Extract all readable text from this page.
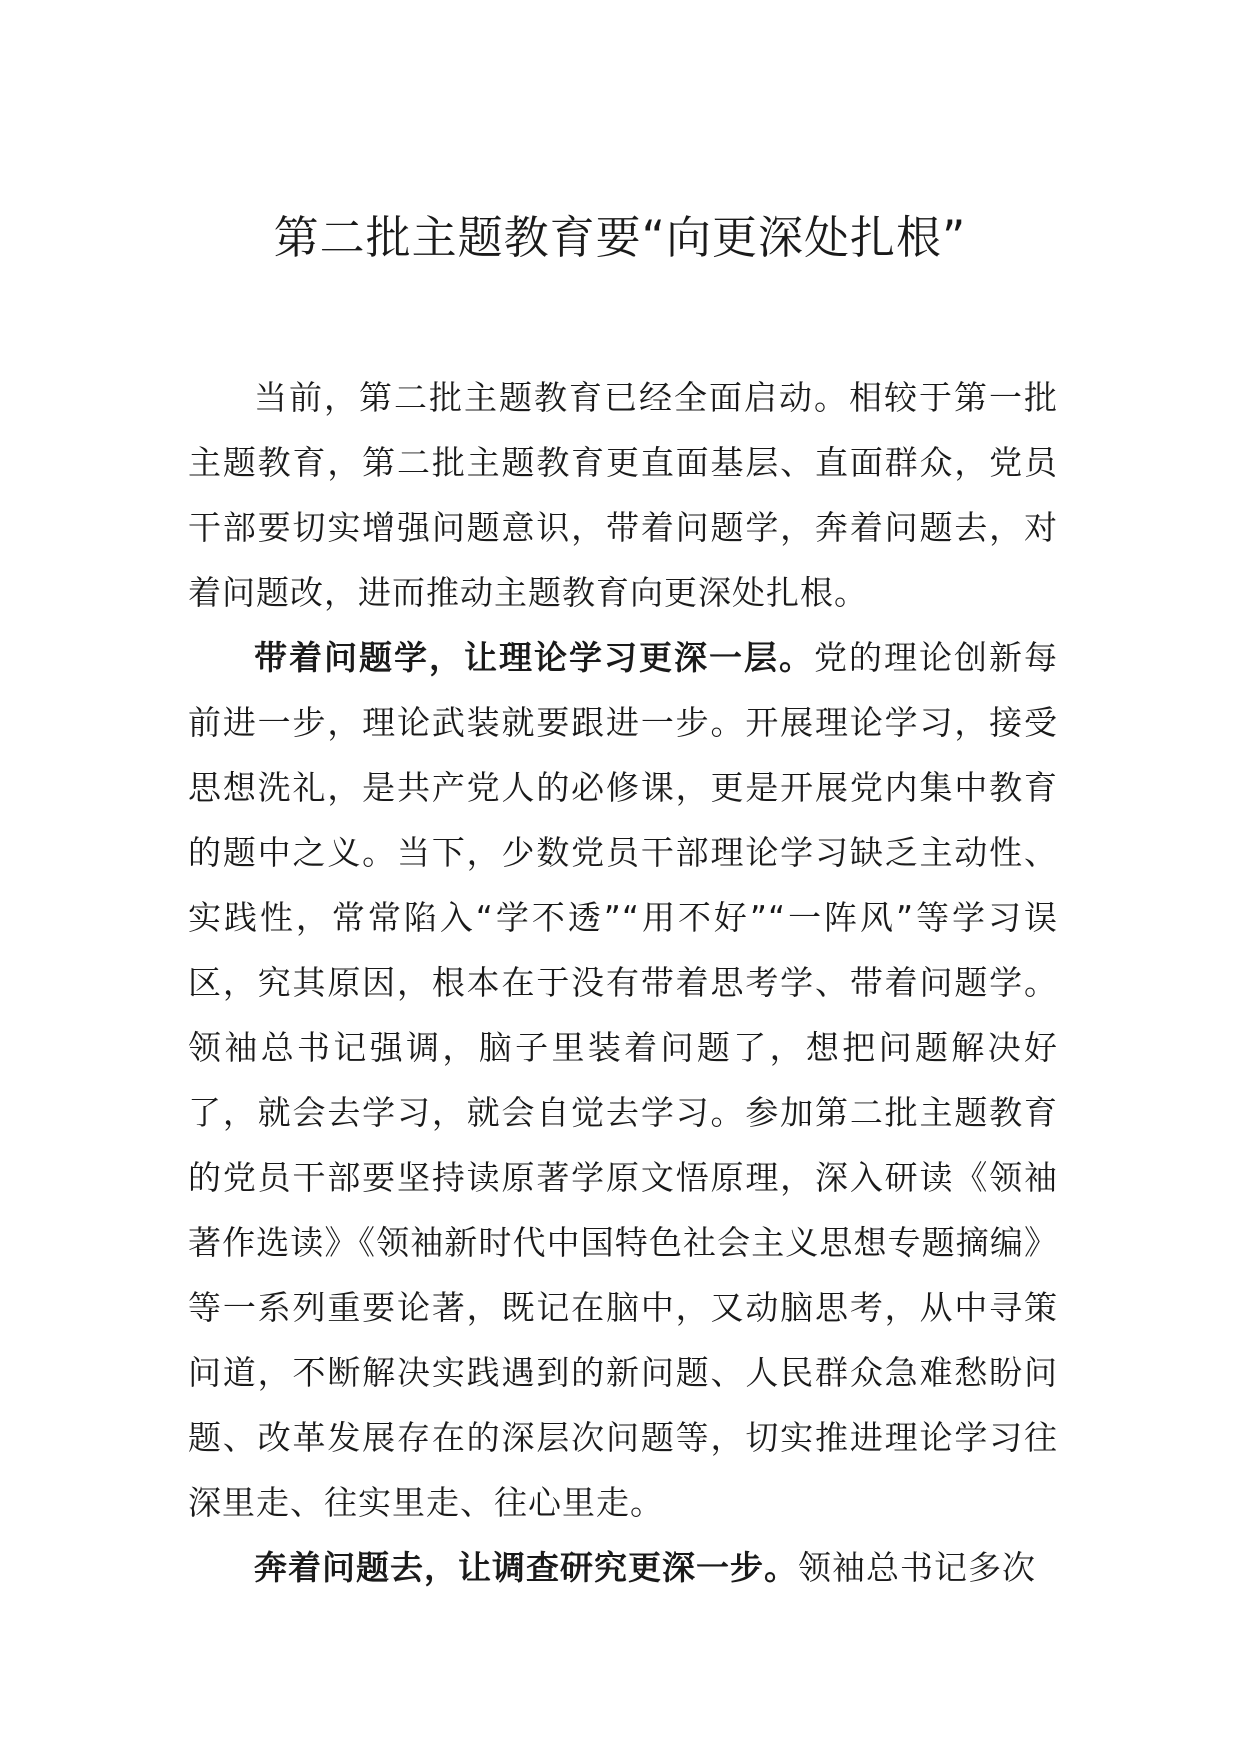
第二批主题教育要“向更深处扎根”

当前，第二批主题教育已经全面启动。相较于第一批主题教育，第二批主题教育更直面基层、直面群众，党员干部要切实增强问题意识，带着问题学，奔着问题去，对着问题改，进而推动主题教育向更深处扎根。

带着问题学，让理论学习更深一层。党的理论创新每前进一步，理论武装就要跟进一步。开展理论学习，接受思想洗礼，是共产党人的必修课，更是开展党内集中教育的题中之义。当下，少数党员干部理论学习缺乏主动性、实践性，常常陷入“学不透”“用不好”“一阵风”等学习误区，究其原因，根本在于没有带着思考学、带着问题学。领袖总书记强调，脑子里装着问题了，想把问题解决好了，就会去学习，就会自觉去学习。参加第二批主题教育的党员干部要坚持读原著学原文悟原理，深入研读《领袖著作选读》《领袖新时代中国特色社会主义思想专题摘编》等一系列重要论著，既记在脑中，又动脑思考，从中寻策问道，不断解决实践遇到的新问题、人民群众急难愁盼问题、改革发展存在的深层次问题等，切实推进理论学习往深里走、往实里走、往心里走。

奔着问题去，让调查研究更深一步。领袖总书记多次
